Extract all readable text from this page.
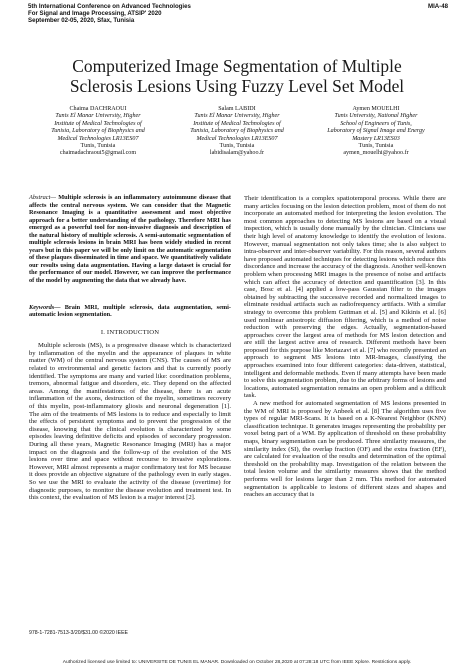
5th International Conference on Advanced Technologies
For Signal and Image Processing, ATSIP' 2020
September 02-05, 2020, Sfax, Tunisia
MIA-48
Computerized Image Segmentation of Multiple
Sclerosis Lesions Using Fuzzy Level Set Model
Chaima DACHRAOUI
Tunis El Manar University, Higher
Institute of Medical Technologies of
Tunisia, Laboratory of Biophysics and
Medical Technologies LR13ES07
Tunis, Tunisia
chaimadachraoui5@gmail.com
Salam LABIDI
Tunis El Manar University, Higher
Institute of Medical Technologies of
Tunisia, Laboratory of Biophysics and
Medical Technologies LR13ES07
Tunis, Tunisia
labidisalam@yahoo.fr
Aymen MOUELHI
Tunis University, National Higher
School of Engineers of Tunis,
Laboratory of Signal Image and Energy
Mastery LR13ES03
Tunis, Tunisia
aymen_mouelhi@yahoo.fr
Abstract— Multiple sclerosis is an inflammatory autoimmune disease that affects the central nervous system. We can consider that the Magnetic Resonance Imaging is a quantitative assessment and most objective approach for a better understanding of the pathology. Therefore MRI has emerged as a powerful tool for non-invasive diagnosis and description of the natural history of multiple sclerosis. A semi-automatic segmentation of multiple sclerosis lesions in brain MRI has been widely studied in recent years but in this paper we will be only limit on the automatic segmentation of these plaques disseminated in time and space. We quantitatively validate our results using data augmentation. Having a large dataset is crucial for the performance of our model. However, we can improve the performance of the model by augmenting the data that we already have.
Keywords— Brain MRI, multiple sclerosis, data augmentation, semi-automatic lesion segmentation.
I. INTRODUCTION

Multiple sclerosis (MS), is a progressive disease which is characterized by inflammation of the myelin and the appearance of plaques in white matter (WM) of the central nervous system (CNS). The causes of MS are related to environmental and genetic factors and that is currently poorly identified. The symptoms are many and varied like: coordination problems, tremors, abnormal fatigue and disorders, etc. They depend on the affected areas. Among the manifestations of the disease, there is an acute inflammation of the axons, destruction of the myelin, sometimes recovery of this myelin, post-inflammatory gliosis and neuronal degeneration [1]. The aim of the treatments of MS lesions is to reduce and especially to limit the effects of persistent symptoms and to prevent the progression of the disease, knowing that the clinical evolution is characterized by some episodes leaving definitive deficits and episodes of secondary progression. During all these years, Magnetic Resonance Imaging (MRI) has a major impact on the diagnosis and the follow-up of the evolution of the MS lesions over time and space without recourse to invasive explorations. However, MRI almost represents a major confirmatory test for MS because it does provide an objective signature of the pathology even in early stages. So we use the MRI to evaluate the activity of the disease (overtime) for diagnostic purposes, to monitor the disease evolution and treatment test. In this context, the evaluation of MS lesion is a major interest [2].

Their identification is a complex spatiotemporal process. While there are many articles focusing on the lesion detection problem, most of them do not incorporate an automated method for interpreting the lesion evolution. The most common approaches to detecting MS lesions are based on a visual inspection, which is usually done manually by the clinician. Clinicians use their high level of anatomy knowledge to identify the evolution of lesions. However, manual segmentation not only takes time; she is also subject to intra-observer and inter-observer variability. For this reason, several authors have proposed automated techniques for detecting lesions which reduce this discordance and increase the accuracy of the diagnosis. Another well-known problem when processing MRI images is the presence of noise and artifacts which can affect the accuracy of detection and quantification [3]. In this case, Bosc et al. [4] applied a low-pass Gaussian filter to the images obtained by subtracting the successive recorded and normalized images to eliminate residual artifacts such as radiofrequency artifacts. With a similar strategy to overcome this problem Guttman et al. [5] and Kikinis et al. [6] used nonlinear anisotropic diffusion filtering, which is a method of noise reduction with preserving the edges. Actually, segmentation-based approaches cover the largest area of methods for MS lesion detection and are still the largest active area of research. Different methods have been proposed for this purpose like Mortazavi et al. [7] who recently presented an approach to segment MS lesions into MR-Images, classifying the approaches examined into four different categories: data-driven, statistical, intelligent and deformable methods. Even if many attempts have been made to solve this segmentation problem, due to the arbitrary forms of lesions and locations, automated segmentation remains an open problem and a difficult task.

A new method for automated segmentation of MS lesions presented in the WM of MRI is proposed by Anbeek et al. [8] The algorithm uses five types of regular MRI-Scans. It is based on a K-Nearest Neighbor (KNN) classification technique. It generates images representing the probability per voxel being part of a WM. By application of threshold on these probability maps, binary segmentation can be produced. Three similarity measures, the similarity index (SI), the overlap fraction (OF) and the extra fraction (EF), are calculated for evaluation of the results and determination of the optimal threshold on the probability map. Investigation of the relation between the total lesion volume and the similarity measures shows that the method performs well for lesions larger than 2 mm. This method for automated segmentation is applicable to lesions of different sizes and shapes and reaches an accuracy that is

978-1-7281-7513-3/20/$31.00 ©2020 IEEE
Authorized licensed use limited to: UNIVERSITE DE TUNIS EL MANAR. Downloaded on October 28,2020 at 07:28:18 UTC from IEEE Xplore. Restrictions apply.
